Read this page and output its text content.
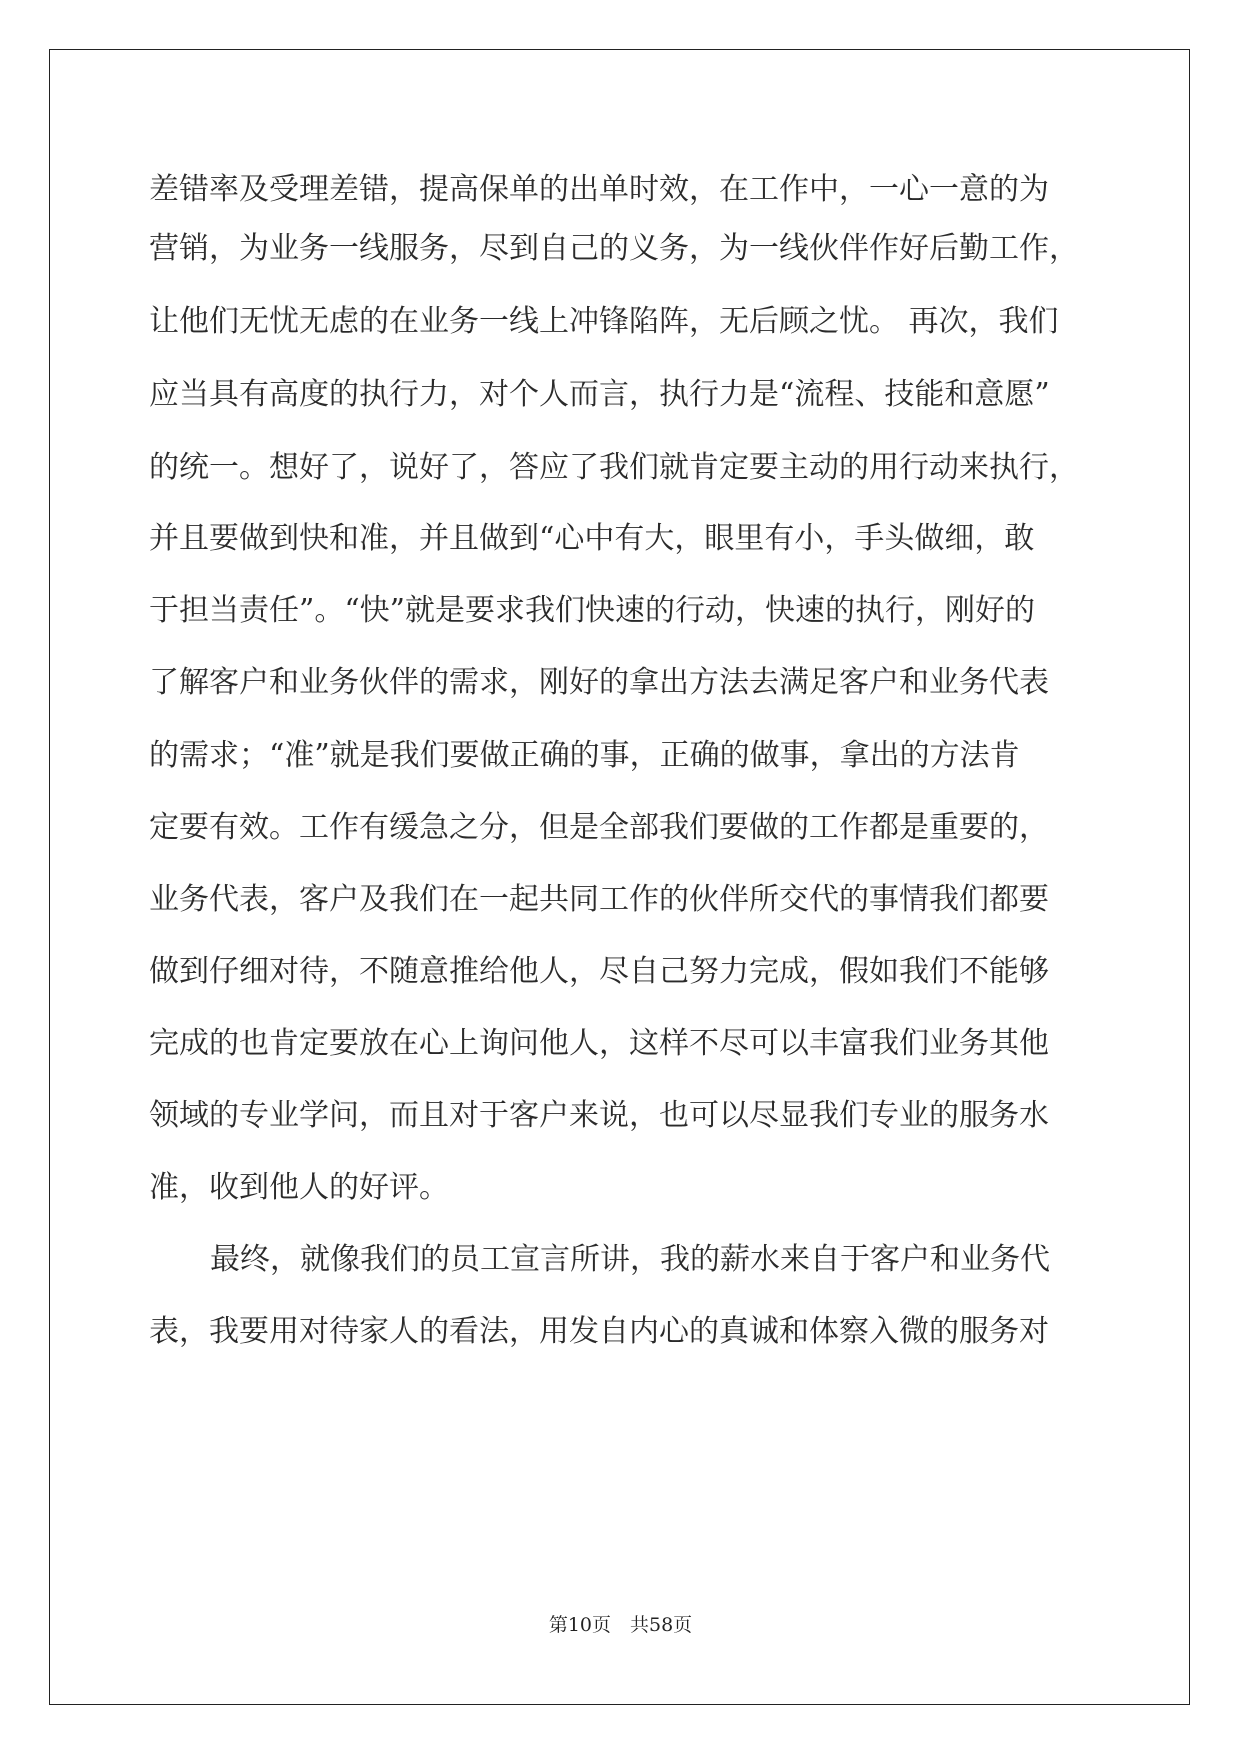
差错率及受理差错，提高保单的出单时效，在工作中，一心一意的为
营销，为业务一线服务，尽到自己的义务，为一线伙伴作好后勤工作，
让他们无忧无虑的在业务一线上冲锋陷阵，无后顾之忧。 再次，我们
应当具有高度的执行力，对个人而言，执行力是“流程、技能和意愿”
的统一。想好了，说好了，答应了我们就肯定要主动的用行动来执行，
并且要做到快和准，并且做到“心中有大，眼里有小，手头做细，敢
于担当责任”。“快”就是要求我们快速的行动，快速的执行，刚好的
了解客户和业务伙伴的需求，刚好的拿出方法去满足客户和业务代表
的需求；“准”就是我们要做正确的事，正确的做事，拿出的方法肯
定要有效。工作有缓急之分，但是全部我们要做的工作都是重要的，
业务代表，客户及我们在一起共同工作的伙伴所交代的事情我们都要
做到仔细对待，不随意推给他人，尽自己努力完成，假如我们不能够
完成的也肯定要放在心上询问他人，这样不尽可以丰富我们业务其他
领域的专业学问，而且对于客户来说，也可以尽显我们专业的服务水
准，收到他人的好评。
最终，就像我们的员工宣言所讲，我的薪水来自于客户和业务代
表，我要用对待家人的看法，用发自内心的真诚和体察入微的服务对
第10页　共58页
